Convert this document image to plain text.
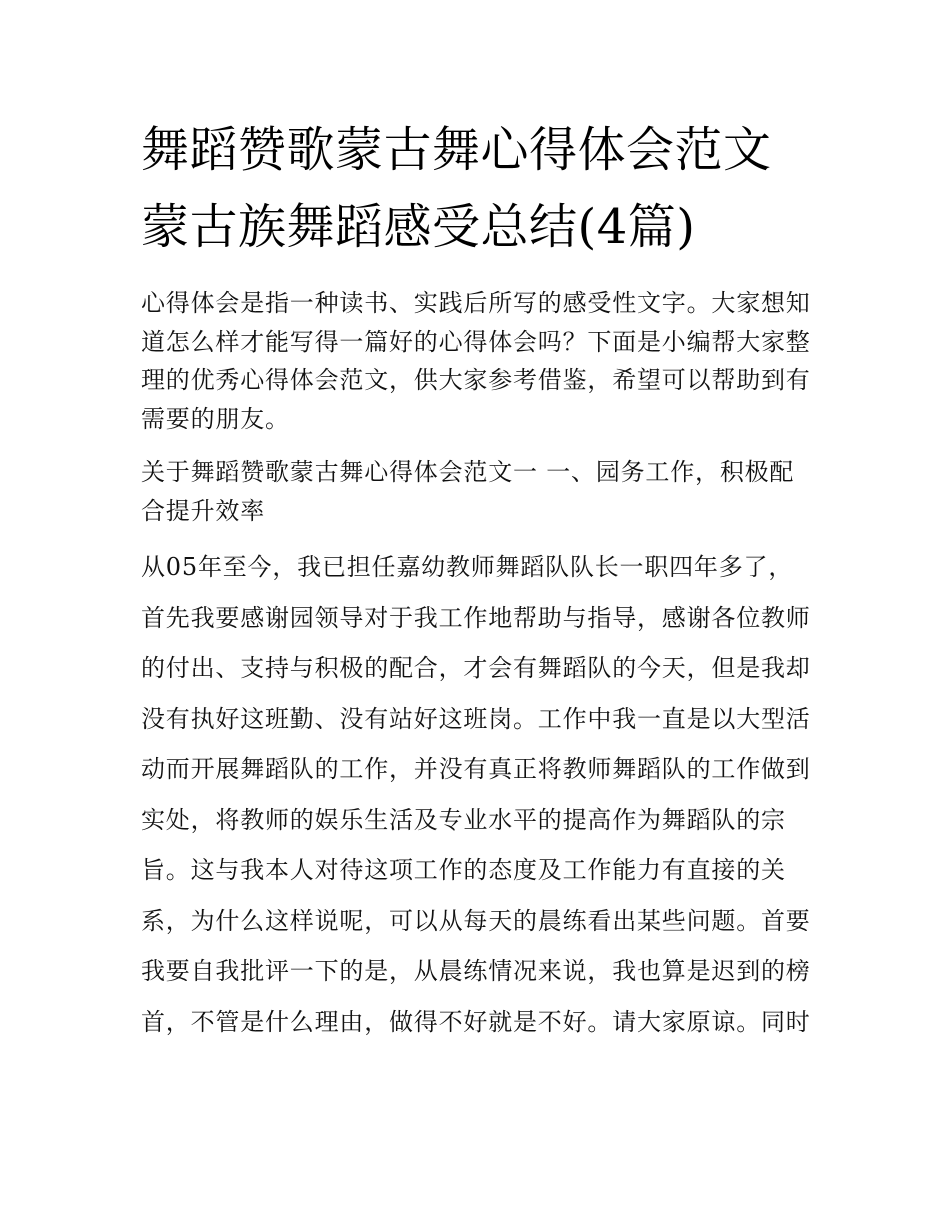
舞蹈赞歌蒙古舞心得体会范文
蒙古族舞蹈感受总结(4篇)

心得体会是指一种读书、实践后所写的感受性文字。大家想知
道怎么样才能写得一篇好的心得体会吗？下面是小编帮大家整
理的优秀心得体会范文，供大家参考借鉴，希望可以帮助到有
需要的朋友。

关于舞蹈赞歌蒙古舞心得体会范文一 一、园务工作，积极配
合提升效率

从05年至今，我已担任嘉幼教师舞蹈队队长一职四年多了，
首先我要感谢园领导对于我工作地帮助与指导，感谢各位教师
的付出、支持与积极的配合，才会有舞蹈队的今天，但是我却
没有执好这班勤、没有站好这班岗。工作中我一直是以大型活
动而开展舞蹈队的工作，并没有真正将教师舞蹈队的工作做到
实处，将教师的娱乐生活及专业水平的提高作为舞蹈队的宗
旨。这与我本人对待这项工作的态度及工作能力有直接的关
系，为什么这样说呢，可以从每天的晨练看出某些问题。首要
我要自我批评一下的是，从晨练情况来说，我也算是迟到的榜
首，不管是什么理由，做得不好就是不好。请大家原谅。同时
